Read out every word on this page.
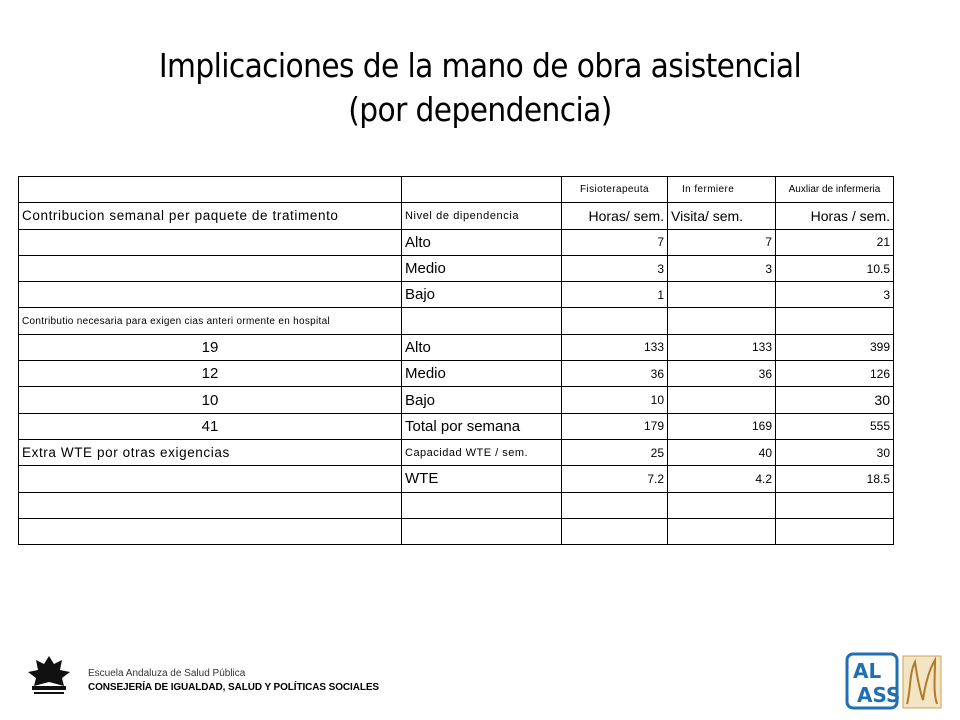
Implicaciones de la mano de obra asistencial
(por dependencia)
		Fisioterapeuta	In fermiere	Auxliar de infermeria
Contribucion semanal per paquete de tratimento	Nivel de dipendencia	Horas/ sem.	Visita/ sem.	Horas / sem.
	Alto	7	7	21
	Medio	3	3	10.5
	Bajo	1		3
Contributio necesaria para exigen cias anteri ormente en hospital				
19	Alto	133	133	399
12	Medio	36	36	126
10	Bajo	10		30
41	Total por semana	179	169	555
Extra WTE por otras exigencias	Capacidad WTE / sem.	25	40	30
	WTE	7.2	4.2	18.5

Escuela Andaluza de Salud Pública
CONSEJERÍA DE IGUALDAD, SALUD Y POLÍTICAS SOCIALES
AL
ASS
